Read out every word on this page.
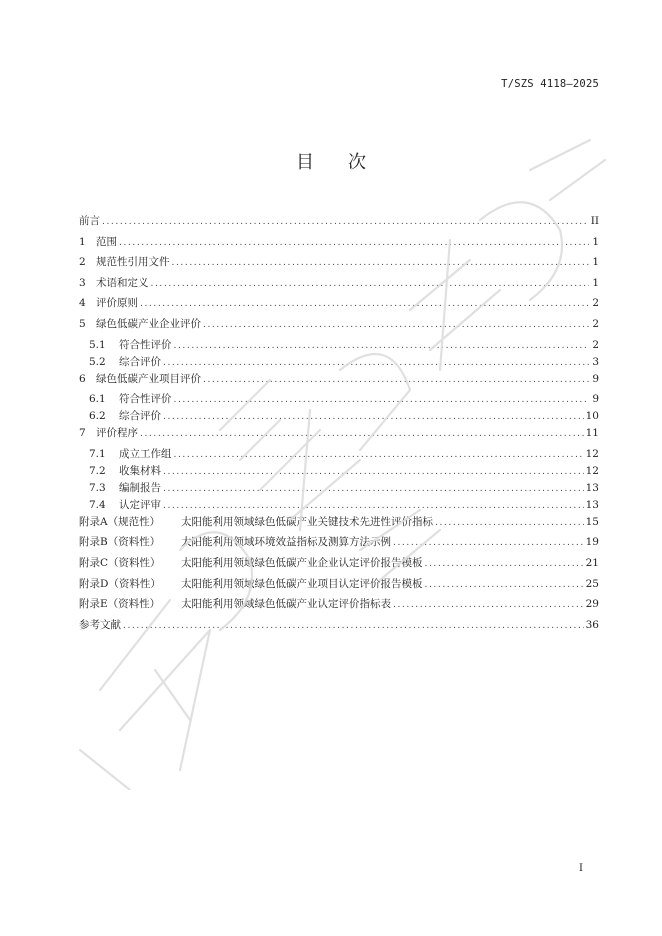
T/SZS 4118—2025
目 次
前言 .....	II
1 范围 .....	1
2 规范性引用文件 .....	1
3 术语和定义 .....	1
4 评价原则 .....	2
5 绿色低碳产业企业评价 .....	2
5.1	符合性评价 .....	2
5.2	综合评价 .....	3
6 绿色低碳产业项目评价 .....	9
6.1	符合性评价 .....	9
6.2	综合评价 .....	10
7 评价程序 .....	11
7.1	成立工作组 .....	12
7.2	收集材料 .....	12
7.3	编制报告 .....	13
7.4	认定评审 .....	13
附录A（规范性）	太阳能利用领域绿色低碳产业关键技术先进性评价指标 .....	15
附录B（资料性）	太阳能利用领域环境效益指标及测算方法示例 .....	19
附录C（资料性）	太阳能利用领域绿色低碳产业企业认定评价报告模板 .....	21
附录D（资料性）	太阳能利用领域绿色低碳产业项目认定评价报告模板 .....	25
附录E（资料性）	太阳能利用领域绿色低碳产业认定评价指标表 .....	29
参考文献 .....	36
I
